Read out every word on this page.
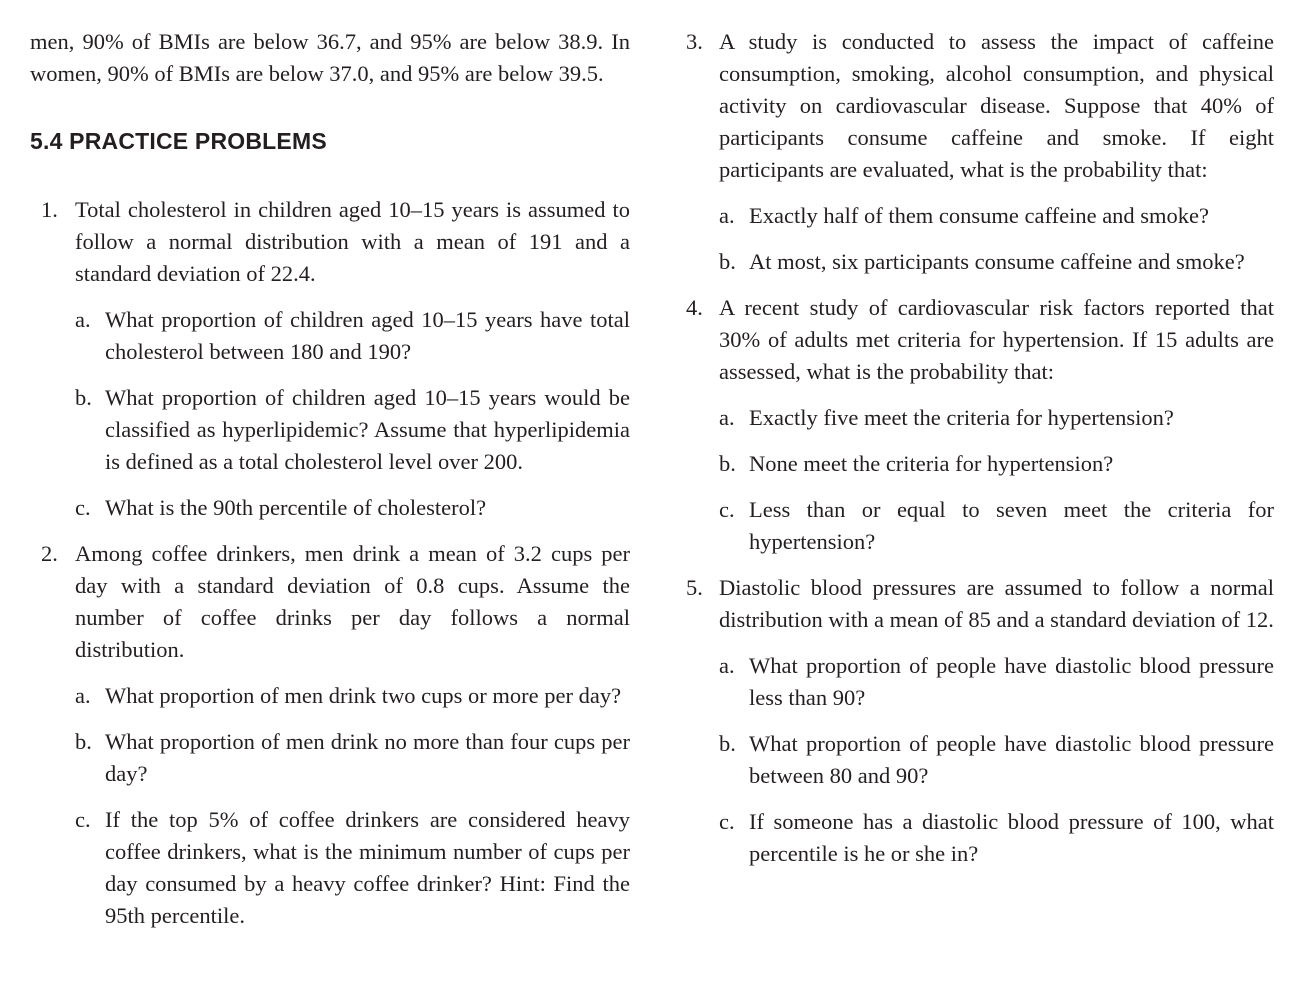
men, 90% of BMIs are below 36.7, and 95% are below 38.9. In women, 90% of BMIs are below 37.0, and 95% are below 39.5.

5.4 PRACTICE PROBLEMS
1. Total cholesterol in children aged 10–15 years is assumed to follow a normal distribution with a mean of 191 and a standard deviation of 22.4.

a. What proportion of children aged 10–15 years have total cholesterol between 180 and 190?
b. What proportion of children aged 10–15 years would be classified as hyperlipidemic? Assume that hyperlipidemia is defined as a total cholesterol level over 200.
c. What is the 90th percentile of cholesterol?
2. Among coffee drinkers, men drink a mean of 3.2 cups per day with a standard deviation of 0.8 cups. Assume the number of coffee drinks per day follows a normal distribution.

a. What proportion of men drink two cups or more per day?
b. What proportion of men drink no more than four cups per day?
c. If the top 5% of coffee drinkers are considered heavy coffee drinkers, what is the minimum number of cups per day consumed by a heavy coffee drinker? Hint: Find the 95th percentile.
3. A study is conducted to assess the impact of caffeine consumption, smoking, alcohol consumption, and physical activity on cardiovascular disease. Suppose that 40% of participants consume caffeine and smoke. If eight participants are evaluated, what is the probability that:

a. Exactly half of them consume caffeine and smoke?
b. At most, six participants consume caffeine and smoke?
4. A recent study of cardiovascular risk factors reported that 30% of adults met criteria for hypertension. If 15 adults are assessed, what is the probability that:

a. Exactly five meet the criteria for hypertension?
b. None meet the criteria for hypertension?
c. Less than or equal to seven meet the criteria for hypertension?
5. Diastolic blood pressures are assumed to follow a normal distribution with a mean of 85 and a standard deviation of 12.

a. What proportion of people have diastolic blood pressure less than 90?
b. What proportion of people have diastolic blood pressure between 80 and 90?
c. If someone has a diastolic blood pressure of 100, what percentile is he or she in?
